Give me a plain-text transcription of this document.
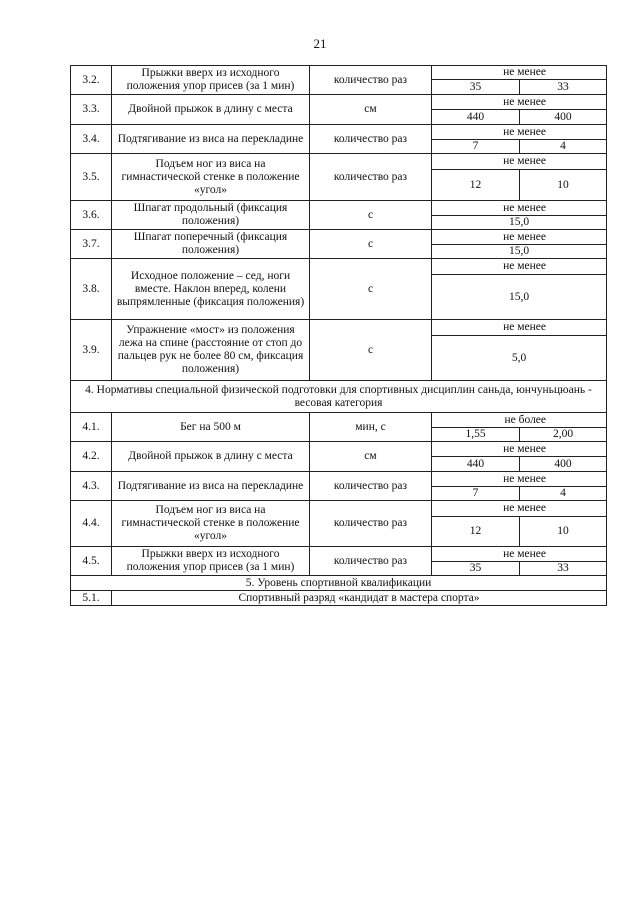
21
3.2.	Прыжки вверх из исходного положения упор присев (за 1 мин)	количество раз	не менее	
			35	33
3.3.	Двойной прыжок в длину с места	см	не менее	
			440	400
3.4.	Подтягивание из виса на перекладине	количество раз	не менее	
			7	4
3.5.	Подъем ног из виса на гимнастической стенке в положение «угол»	количество раз	не менее	
			12	10
3.6.	Шпагат продольный (фиксация положения)	с	не менее	
			15,0	
3.7.	Шпагат поперечный (фиксация положения)	с	не менее	
			15,0	
3.8.	Исходное положение – сед, ноги вместе. Наклон вперед, колени выпрямленные (фиксация положения)	с	не менее	
			15,0	
3.9.	Упражнение «мост» из положения лежа на спине (расстояние от стоп до пальцев рук не более 80 см, фиксация положения)	с	не менее	
			5,0	
4. Нормативы специальной физической подготовки для спортивных дисциплин саньда, юнчуньцюань - весовая категория				
4.1.	Бег на 500 м	мин, с	не более	
			1,55	2,00
4.2.	Двойной прыжок в длину с места	см	не менее	
			440	400
4.3.	Подтягивание из виса на перекладине	количество раз	не менее	
			7	4
4.4.	Подъем ног из виса на гимнастической стенке в положение «угол»	количество раз	не менее	
			12	10
4.5.	Прыжки вверх из исходного положения упор присев (за 1 мин)	количество раз	не менее	
			35	33
5. Уровень спортивной квалификации				
5.1.	Спортивный разряд «кандидат в мастера спорта»			
